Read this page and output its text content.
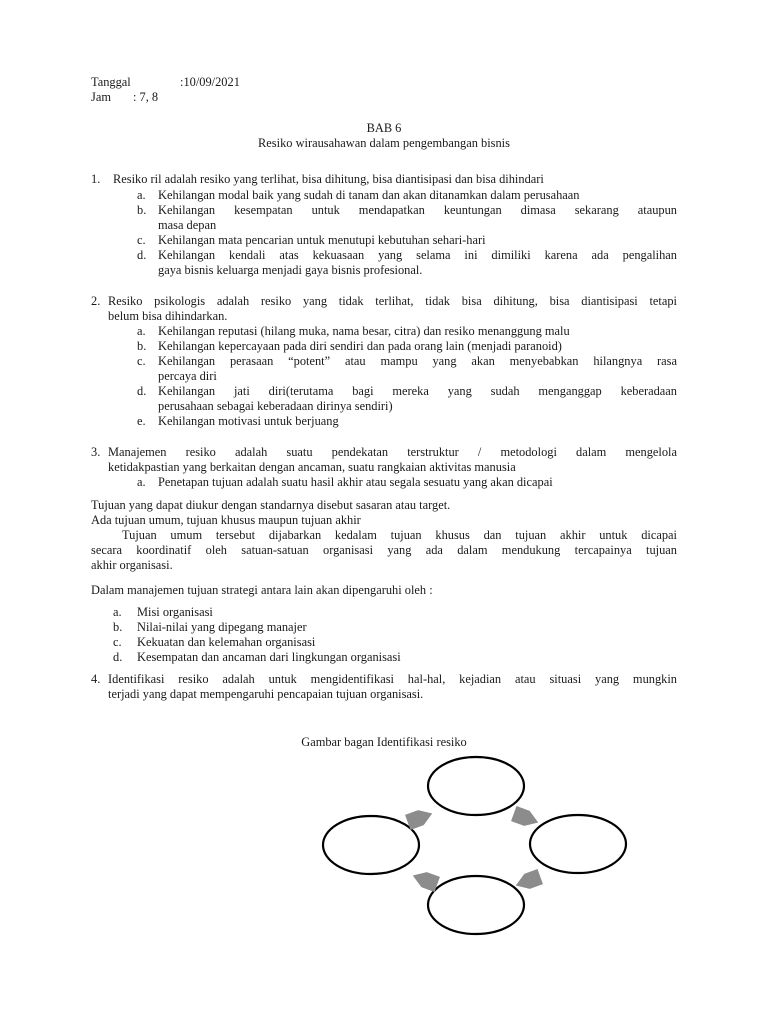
Tanggal	:10/09/2021
Jam : 7, 8
BAB 6
Resiko wirausahawan dalam pengembangan bisnis
1. Resiko ril adalah resiko yang terlihat, bisa dihitung, bisa diantisipasi dan bisa dihindari
a. Kehilangan modal baik yang sudah di tanam dan akan ditanamkan dalam perusahaan
b. Kehilangan kesempatan untuk mendapatkan keuntungan dimasa sekarang ataupun
masa depan
c. Kehilangan mata pencarian untuk menutupi kebutuhan sehari-hari
d. Kehilangan kendali atas kekuasaan yang selama ini dimiliki karena ada pengalihan
gaya bisnis keluarga menjadi gaya bisnis profesional.
2. Resiko psikologis adalah resiko yang tidak terlihat, tidak bisa dihitung, bisa diantisipasi tetapi
belum bisa dihindarkan.
a. Kehilangan reputasi (hilang muka, nama besar, citra) dan resiko menanggung malu
b. Kehilangan kepercayaan pada diri sendiri dan pada orang lain (menjadi paranoid)
c. Kehilangan perasaan “potent” atau mampu yang akan menyebabkan hilangnya rasa
percaya diri
d. Kehilangan jati diri(terutama bagi mereka yang sudah menganggap keberadaan
perusahaan sebagai keberadaan dirinya sendiri)
e. Kehilangan motivasi untuk berjuang
3. Manajemen resiko adalah suatu pendekatan terstruktur / metodologi dalam mengelola
ketidakpastian yang berkaitan dengan ancaman, suatu rangkaian aktivitas manusia
a. Penetapan tujuan adalah suatu hasil akhir atau segala sesuatu yang akan dicapai
Tujuan yang dapat diukur dengan standarnya disebut sasaran atau target.
Ada tujuan umum, tujuan khusus maupun tujuan akhir
Tujuan umum tersebut dijabarkan kedalam tujuan khusus dan tujuan akhir untuk dicapai
secara koordinatif oleh satuan-satuan organisasi yang ada dalam mendukung tercapainya tujuan
akhir organisasi.
Dalam manajemen tujuan strategi antara lain akan dipengaruhi oleh :
a. Misi organisasi
b. Nilai-nilai yang dipegang manajer
c. Kekuatan dan kelemahan organisasi
d. Kesempatan dan ancaman dari lingkungan organisasi
4. Identifikasi resiko adalah untuk mengidentifikasi hal-hal, kejadian atau situasi yang mungkin
terjadi yang dapat mempengaruhi pencapaian tujuan organisasi.
Gambar bagan Identifikasi resiko
